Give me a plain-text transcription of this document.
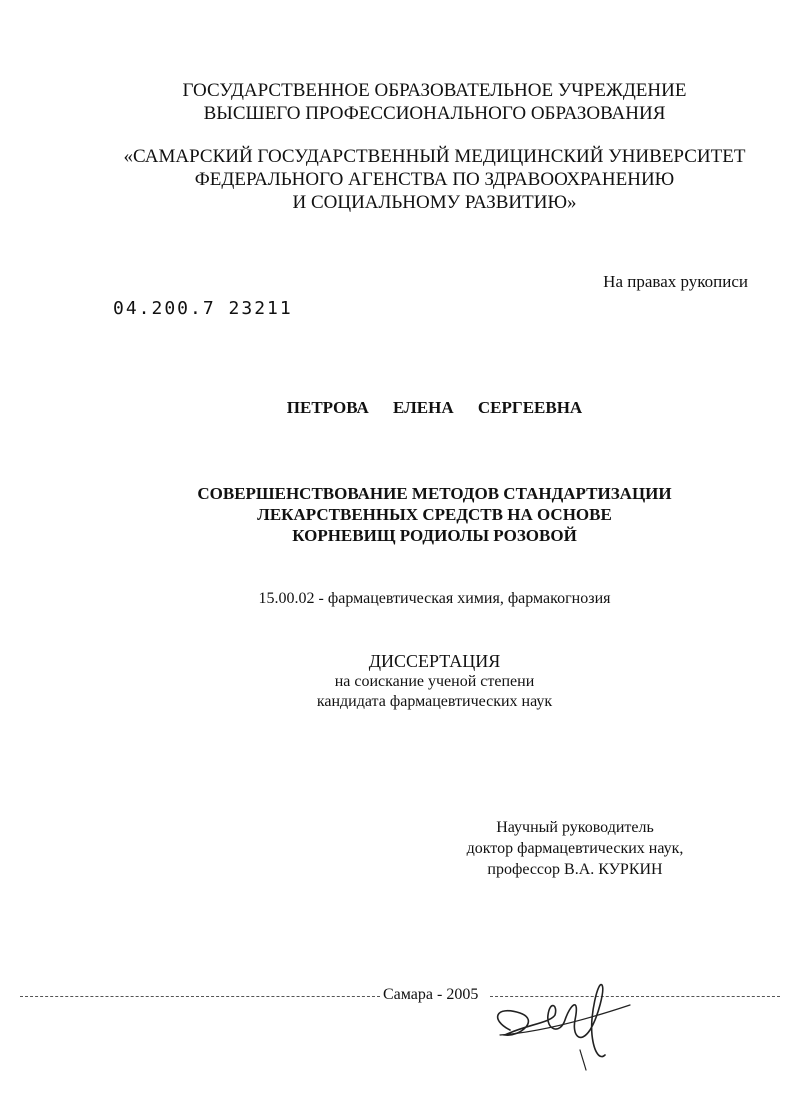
ГОСУДАРСТВЕННОЕ ОБРАЗОВАТЕЛЬНОЕ УЧРЕЖДЕНИЕ
ВЫСШЕГО ПРОФЕССИОНАЛЬНОГО ОБРАЗОВАНИЯ
«САМАРСКИЙ ГОСУДАРСТВЕННЫЙ МЕДИЦИНСКИЙ УНИВЕРСИТЕТ
ФЕДЕРАЛЬНОГО АГЕНСТВА ПО ЗДРАВООХРАНЕНИЮ
И СОЦИАЛЬНОМУ РАЗВИТИЮ»
На правах рукописи
04.200.7 23211
ПЕТРОВА ЕЛЕНА СЕРГЕЕВНА
СОВЕРШЕНСТВОВАНИЕ МЕТОДОВ СТАНДАРТИЗАЦИИ
ЛЕКАРСТВЕННЫХ СРЕДСТВ НА ОСНОВЕ
КОРНЕВИЩ РОДИОЛЫ РОЗОВОЙ
15.00.02 - фармацевтическая химия, фармакогнозия
ДИССЕРТАЦИЯ
на соискание ученой степени
кандидата фармацевтических наук
Научный руководитель
доктор фармацевтических наук,
профессор В.А. КУРКИН
Самара - 2005
